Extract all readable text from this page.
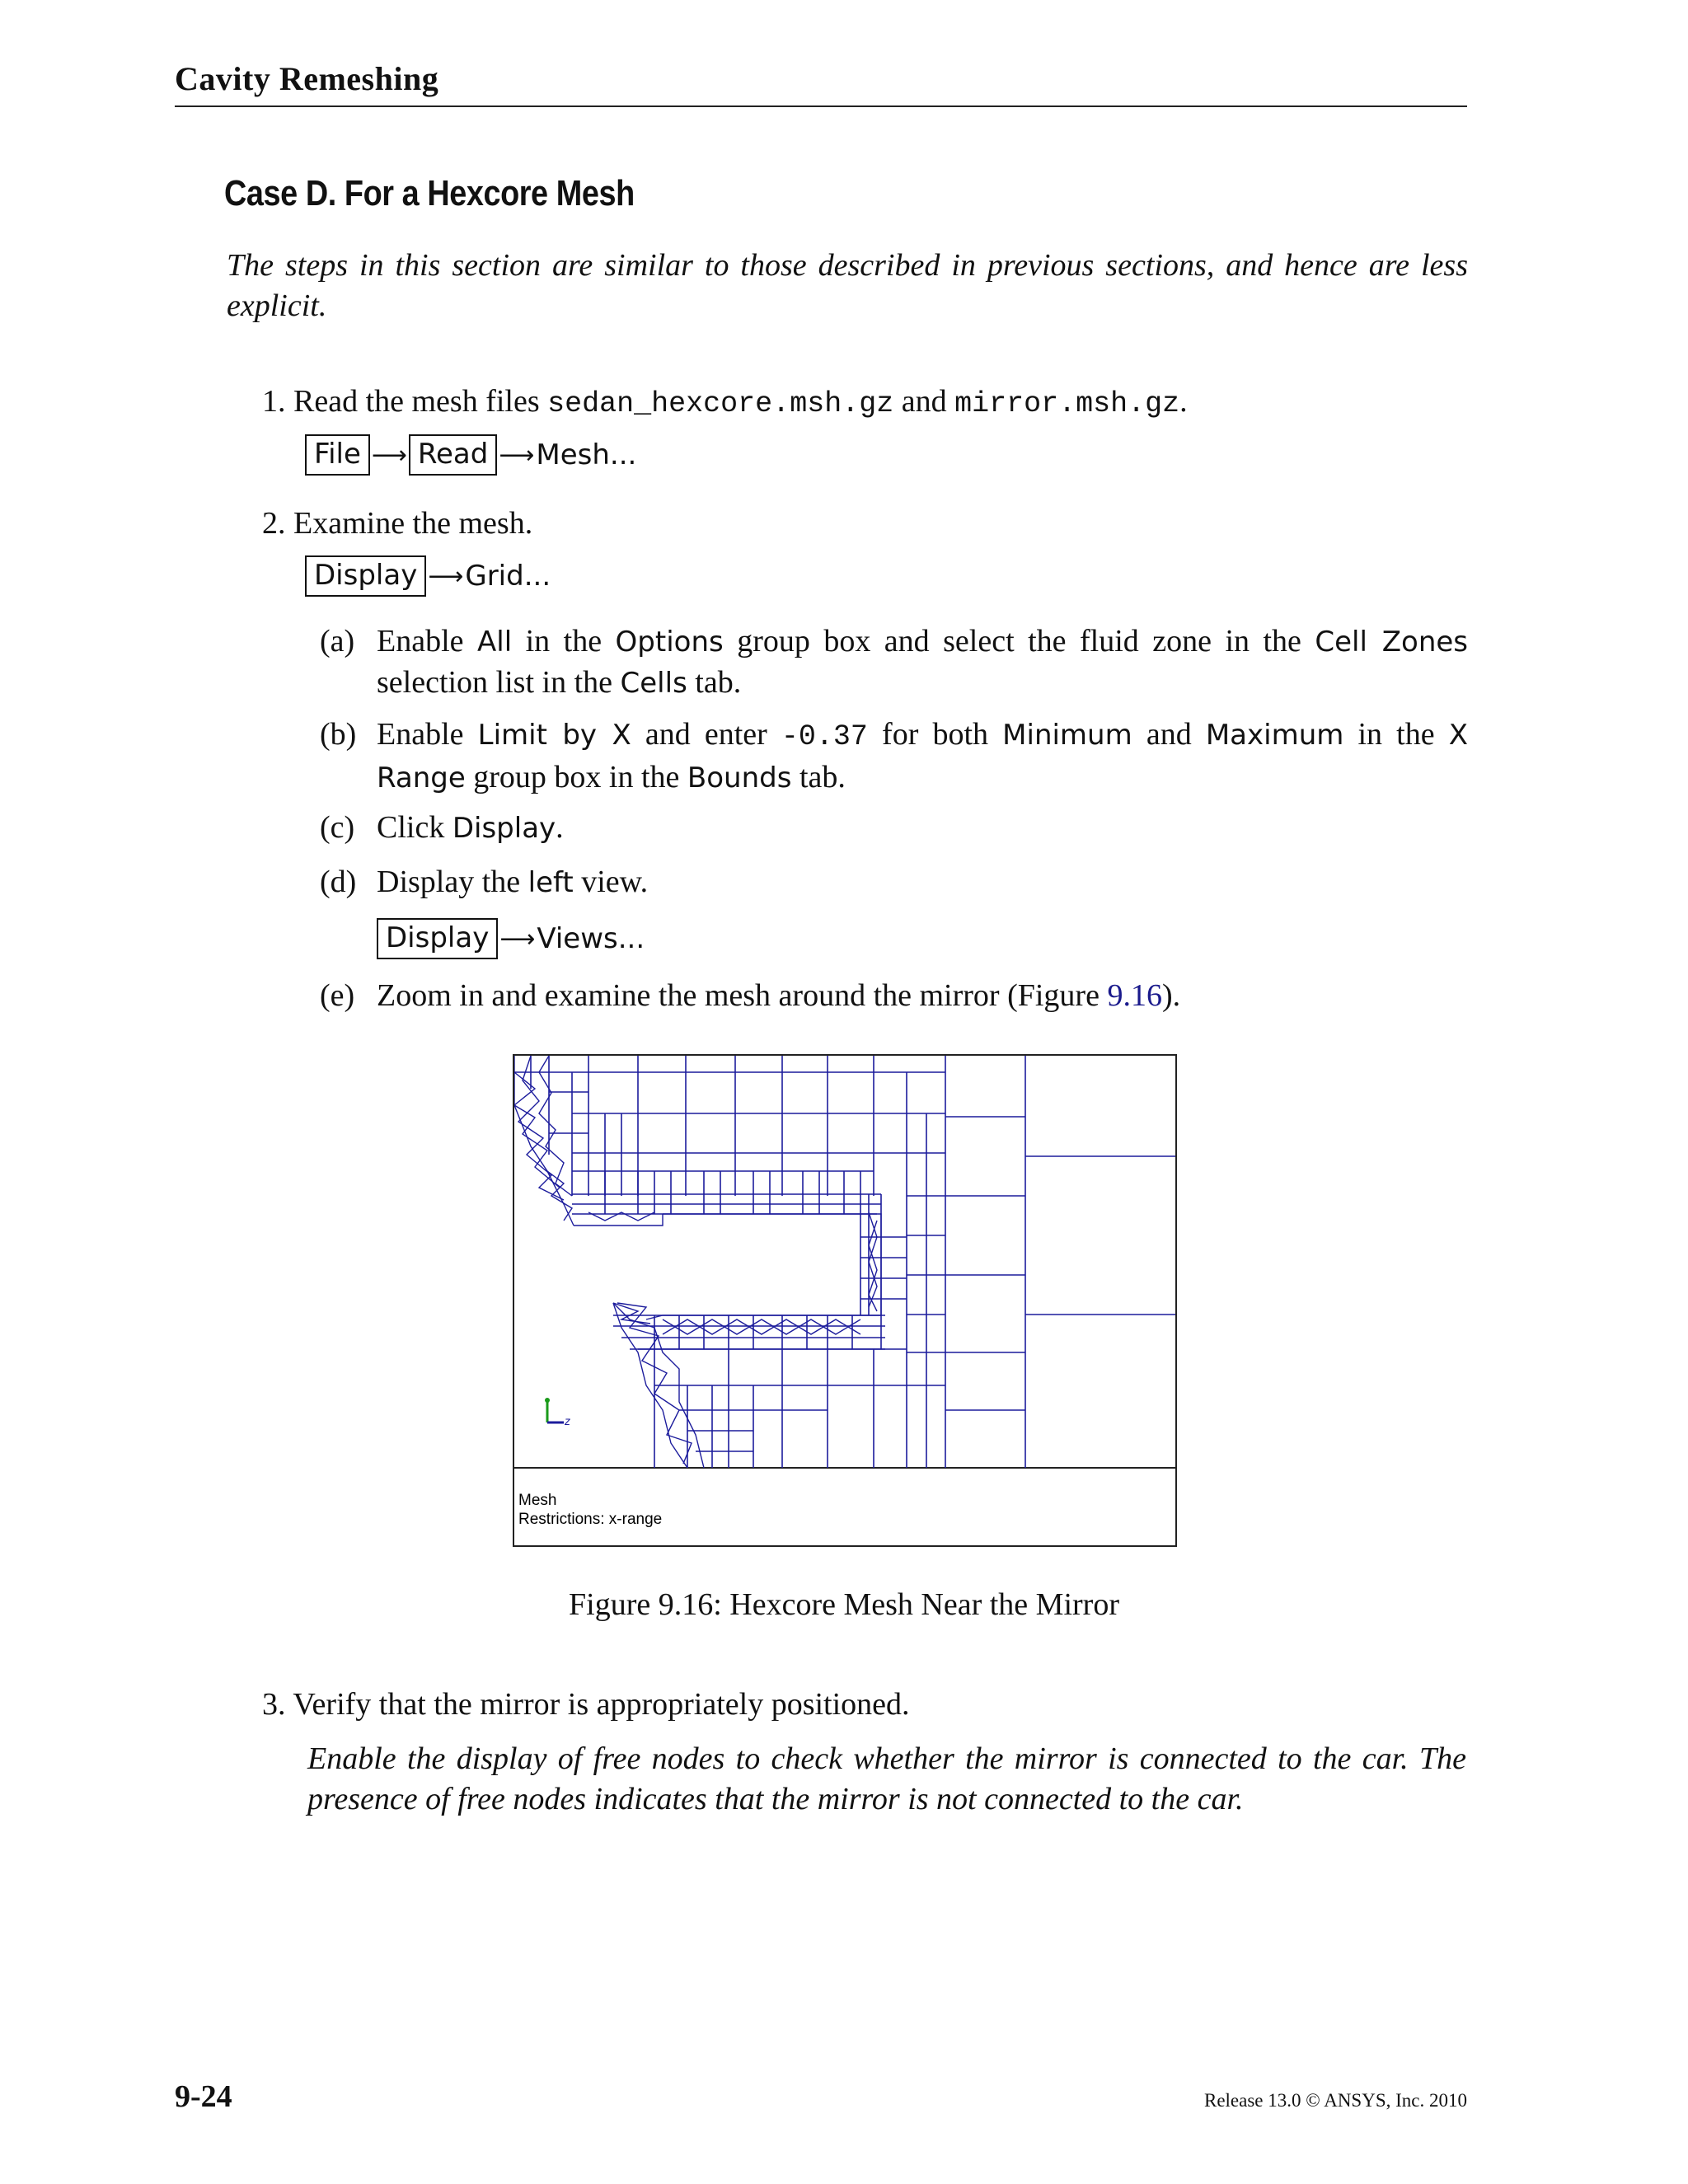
Cavity Remeshing
Case D. For a Hexcore Mesh
The steps in this section are similar to those described in previous sections, and hence are less explicit.
1. Read the mesh files sedan_hexcore.msh.gz and mirror.msh.gz.
File ⟶ Read ⟶ Mesh...
2. Examine the mesh.
Display ⟶ Grid...
(a) Enable All in the Options group box and select the fluid zone in the Cell Zones selection list in the Cells tab.
(b) Enable Limit by X and enter -0.37 for both Minimum and Maximum in the X Range group box in the Bounds tab.
(c) Click Display.
(d) Display the left view.
Display ⟶ Views...
(e) Zoom in and examine the mesh around the mirror (Figure 9.16).
z
Mesh
Restrictions: x-range
Figure 9.16: Hexcore Mesh Near the Mirror
3. Verify that the mirror is appropriately positioned.
Enable the display of free nodes to check whether the mirror is connected to the car. The presence of free nodes indicates that the mirror is not connected to the car.
9-24	Release 13.0 © ANSYS, Inc. 2010
